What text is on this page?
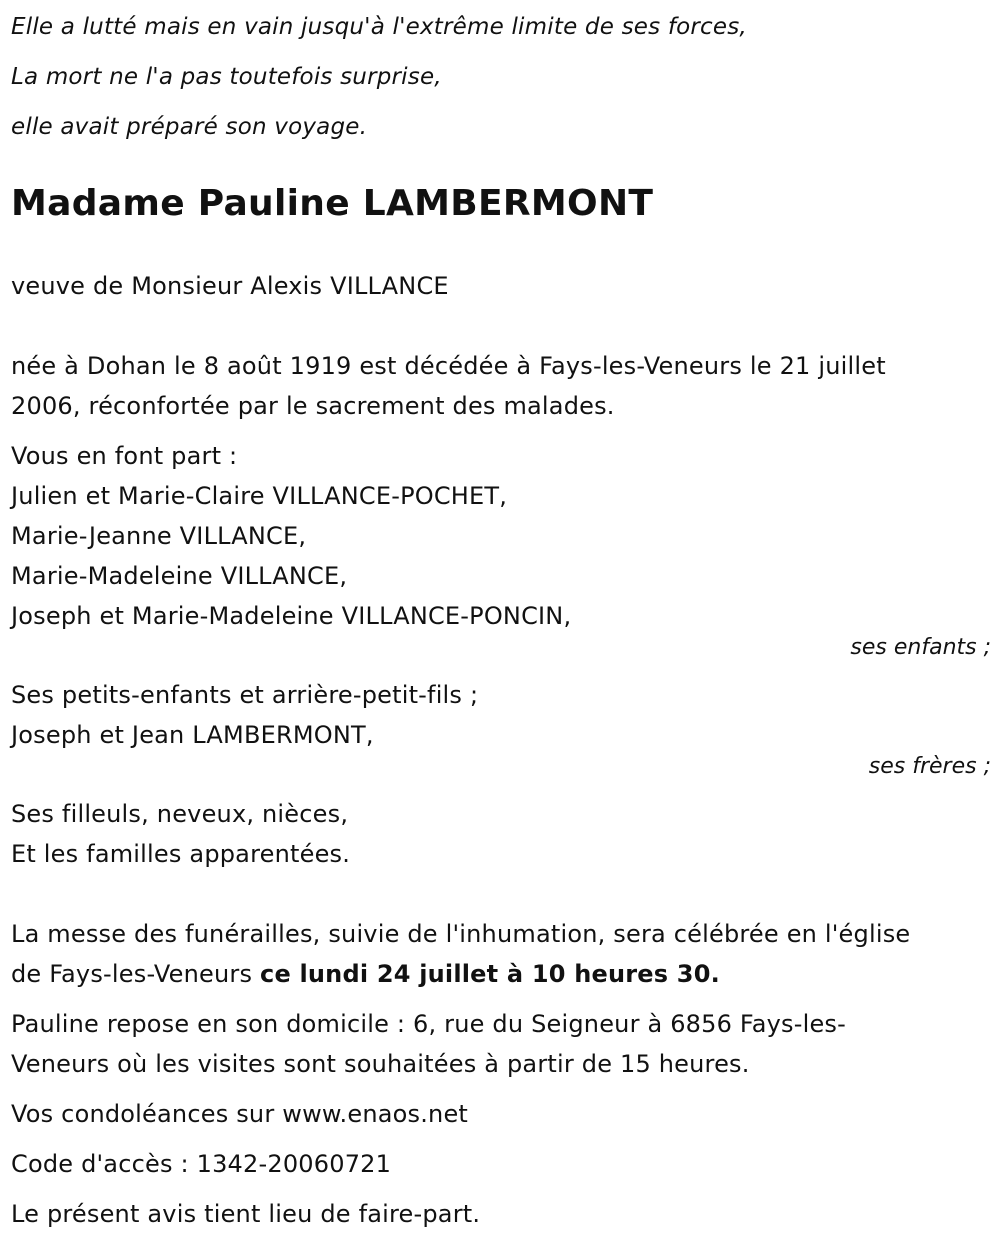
Elle a lutté mais en vain jusqu'à l'extrême limite de ses forces,
La mort ne l'a pas toutefois surprise,
elle avait préparé son voyage.
Madame Pauline LAMBERMONT
veuve de Monsieur Alexis VILLANCE
née à Dohan le 8 août 1919 est décédée à Fays-les-Veneurs le 21 juillet
2006, réconfortée par le sacrement des malades.
Vous en font part :
Julien et Marie-Claire VILLANCE-POCHET,
Marie-Jeanne VILLANCE,
Marie-Madeleine VILLANCE,
Joseph et Marie-Madeleine VILLANCE-PONCIN,
ses enfants ;
Ses petits-enfants et arrière-petit-fils ;
Joseph et Jean LAMBERMONT,
ses frères ;
Ses filleuls, neveux, nièces,
Et les familles apparentées.
La messe des funérailles, suivie de l'inhumation, sera célébrée en l'église
de Fays-les-Veneurs ce lundi 24 juillet à 10 heures 30.
Pauline repose en son domicile : 6, rue du Seigneur à 6856 Fays-les-
Veneurs où les visites sont souhaitées à partir de 15 heures.
Vos condoléances sur www.enaos.net
Code d'accès : 1342-20060721
Le présent avis tient lieu de faire-part.
